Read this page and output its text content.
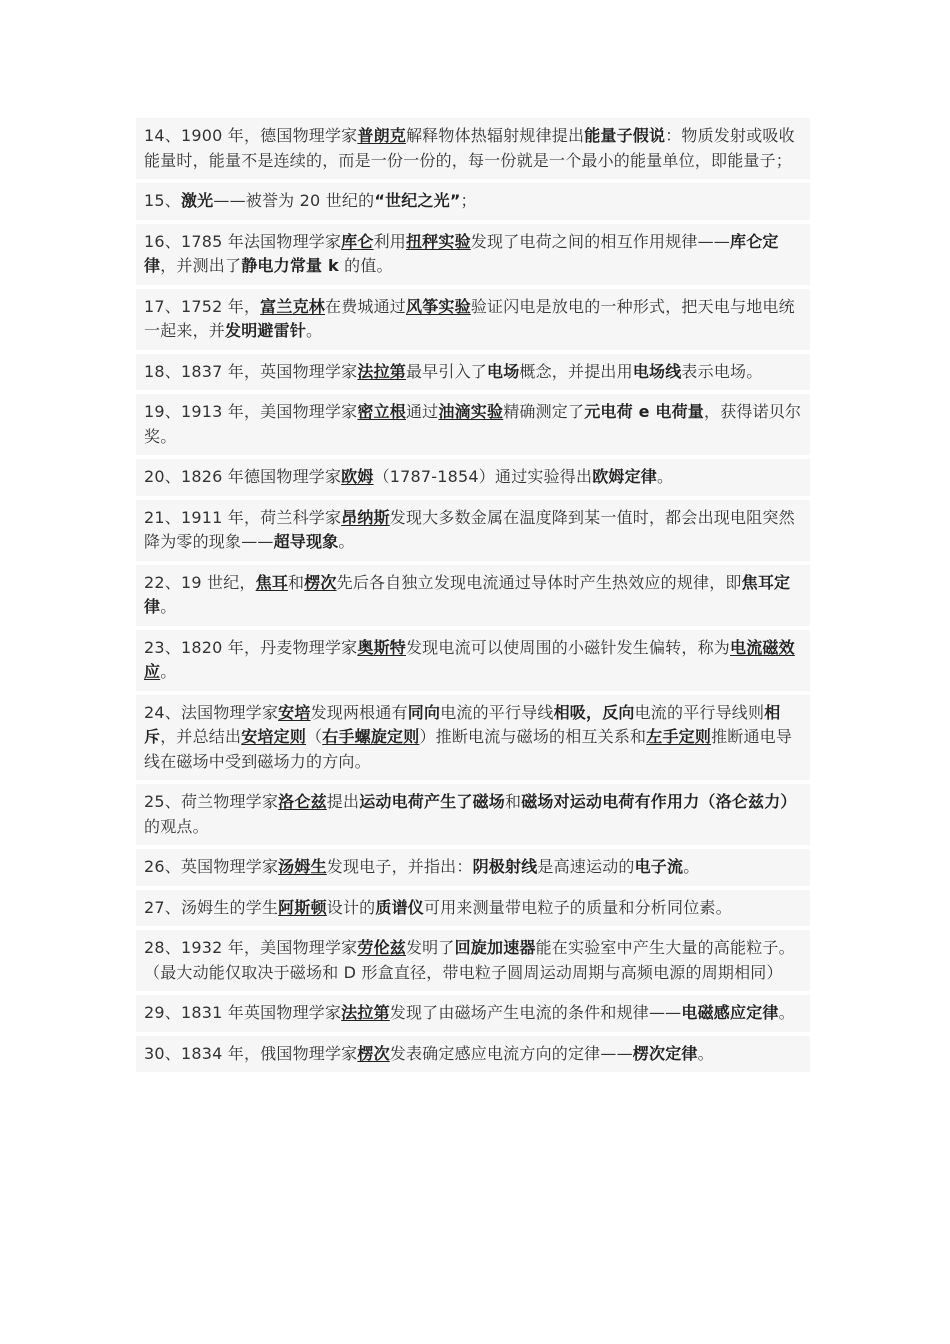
14、1900 年，德国物理学家普朗克解释物体热辐射规律提出能量子假说：物质发射或吸收能量时，能量不是连续的，而是一份一份的，每一份就是一个最小的能量单位，即能量子；
15、激光——被誉为 20 世纪的“世纪之光”；
16、1785 年法国物理学家库仑利用扭秤实验发现了电荷之间的相互作用规律——库仑定律，并测出了静电力常量 k 的值。
17、1752 年，富兰克林在费城通过风筝实验验证闪电是放电的一种形式，把天电与地电统一起来，并发明避雷针。
18、1837 年，英国物理学家法拉第最早引入了电场概念，并提出用电场线表示电场。
19、1913 年，美国物理学家密立根通过油滴实验精确测定了元电荷 e 电荷量，获得诺贝尔奖。
20、1826 年德国物理学家欧姆（1787-1854）通过实验得出欧姆定律。
21、1911 年，荷兰科学家昂纳斯发现大多数金属在温度降到某一值时，都会出现电阻突然降为零的现象——超导现象。
22、19 世纪，焦耳和楞次先后各自独立发现电流通过导体时产生热效应的规律，即焦耳定律。
23、1820 年，丹麦物理学家奥斯特发现电流可以使周围的小磁针发生偏转，称为电流磁效应。
24、法国物理学家安培发现两根通有同向电流的平行导线相吸，反向电流的平行导线则相斥，并总结出安培定则（右手螺旋定则）推断电流与磁场的相互关系和左手定则推断通电导线在磁场中受到磁场力的方向。
25、荷兰物理学家洛仑兹提出运动电荷产生了磁场和磁场对运动电荷有作用力（洛仑兹力）的观点。
26、英国物理学家汤姆生发现电子，并指出：阴极射线是高速运动的电子流。
27、汤姆生的学生阿斯顿设计的质谱仪可用来测量带电粒子的质量和分析同位素。
28、1932 年，美国物理学家劳伦兹发明了回旋加速器能在实验室中产生大量的高能粒子。（最大动能仅取决于磁场和 D 形盒直径，带电粒子圆周运动周期与高频电源的周期相同）
29、1831 年英国物理学家法拉第发现了由磁场产生电流的条件和规律——电磁感应定律。
30、1834 年，俄国物理学家楞次发表确定感应电流方向的定律——楞次定律。
